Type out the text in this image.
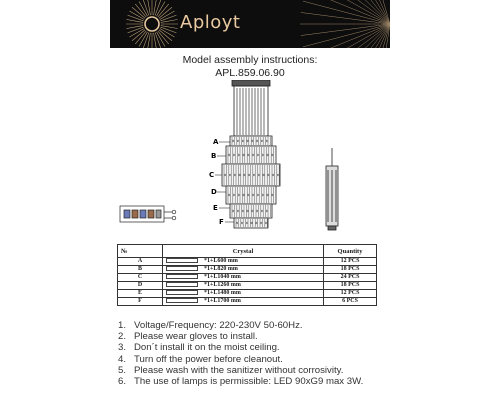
Aployt
Model assembly instructions:
APL.859.06.90
A
B
C
D
E
F
№	Crystal	Quantity
A	*1+L600 mm	12 PCS
B	*1+L820 mm	18 PCS
C	*1+L1040 mm	24 PCS
D	*1+L1260 mm	18 PCS
E	*1+L1480 mm	12 PCS
F	*1+L1700 mm	6 PCS
1. Voltage/Frequency: 220-230V 50-60Hz.
2. Please wear gloves to install.
3. Don´t install it on the moist ceiling.
4. Turn off the power before cleanout.
5. Please wash with the sanitizer without corrosivity.
6. The use of lamps is permissible: LED 90xG9 max 3W.
